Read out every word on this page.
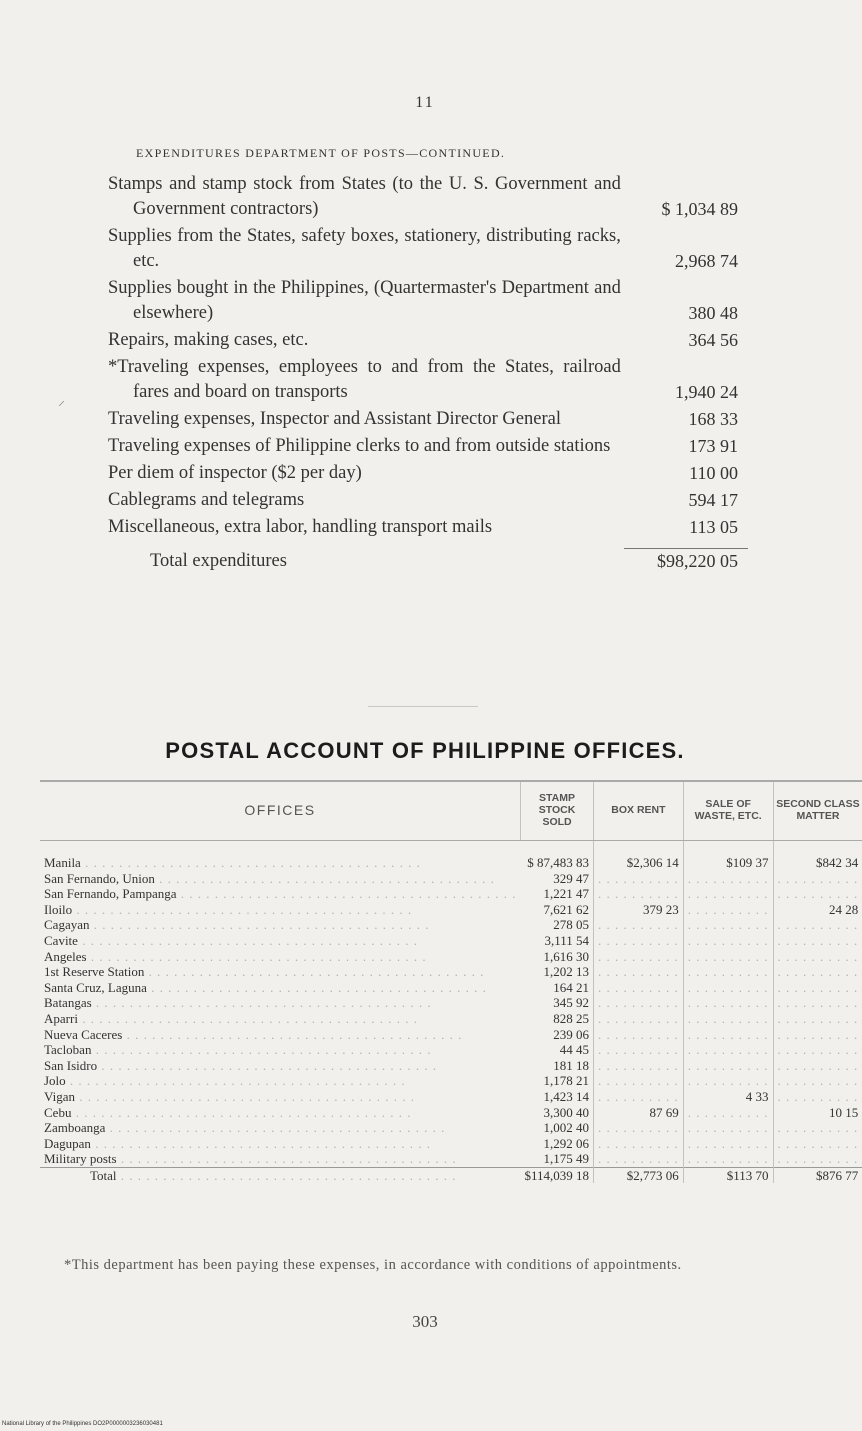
11
EXPENDITURES DEPARTMENT OF POSTS—CONTINUED.
⸝
Stamps and stamp stock from States (to the U. S. Government and Government contractors)	$ 1,034 89
Supplies from the States, safety boxes, stationery, distributing racks, etc.	2,968 74
Supplies bought in the Philippines, (Quartermaster's Department and elsewhere)	380 48
Repairs, making cases, etc.	364 56
*Traveling expenses, employees to and from the States, railroad fares and board on transports	1,940 24
Traveling expenses, Inspector and Assistant Director General	168 33
Traveling expenses of Philippine clerks to and from outside stations	173 91
Per diem of inspector ($2 per day)	110 00
Cablegrams and telegrams	594 17
Miscellaneous, extra labor, handling transport mails	113 05
Total expenditures	$98,220 05
POSTAL ACCOUNT OF PHILIPPINE OFFICES.
OFFICES	STAMP STOCK SOLD	BOX RENT	SALE OF WASTE, ETC.	SECOND CLASS MATTER
Manila . . . . . . . . . . . . . . . . . . . . . . . . . . . . . . . . . . . . . . . .	$ 87,483 83	$2,306 14	$109 37	$842 34
San Fernando, Union . . . . . . . . . . . . . . . . . . . . . . . . . . . . . . . . . . . . . . . .	329 47	. . . . . . . . . .	. . . . . . . . . .	. . . . . . . . . .
San Fernando, Pampanga . . . . . . . . . . . . . . . . . . . . . . . . . . . . . . . . . . . . . . . .	1,221 47	. . . . . . . . . .	. . . . . . . . . .	. . . . . . . . . .
Iloilo . . . . . . . . . . . . . . . . . . . . . . . . . . . . . . . . . . . . . . . .	7,621 62	379 23	. . . . . . . . . .	24 28
Cagayan . . . . . . . . . . . . . . . . . . . . . . . . . . . . . . . . . . . . . . . .	278 05	. . . . . . . . . .	. . . . . . . . . .	. . . . . . . . . .
Cavite . . . . . . . . . . . . . . . . . . . . . . . . . . . . . . . . . . . . . . . .	3,111 54	. . . . . . . . . .	. . . . . . . . . .	. . . . . . . . . .
Angeles . . . . . . . . . . . . . . . . . . . . . . . . . . . . . . . . . . . . . . . .	1,616 30	. . . . . . . . . .	. . . . . . . . . .	. . . . . . . . . .
1st Reserve Station . . . . . . . . . . . . . . . . . . . . . . . . . . . . . . . . . . . . . . . .	1,202 13	. . . . . . . . . .	. . . . . . . . . .	. . . . . . . . . .
Santa Cruz, Laguna . . . . . . . . . . . . . . . . . . . . . . . . . . . . . . . . . . . . . . . .	164 21	. . . . . . . . . .	. . . . . . . . . .	. . . . . . . . . .
Batangas . . . . . . . . . . . . . . . . . . . . . . . . . . . . . . . . . . . . . . . .	345 92	. . . . . . . . . .	. . . . . . . . . .	. . . . . . . . . .
Aparri . . . . . . . . . . . . . . . . . . . . . . . . . . . . . . . . . . . . . . . .	828 25	. . . . . . . . . .	. . . . . . . . . .	. . . . . . . . . .
Nueva Caceres . . . . . . . . . . . . . . . . . . . . . . . . . . . . . . . . . . . . . . . .	239 06	. . . . . . . . . .	. . . . . . . . . .	. . . . . . . . . .
Tacloban . . . . . . . . . . . . . . . . . . . . . . . . . . . . . . . . . . . . . . . .	44 45	. . . . . . . . . .	. . . . . . . . . .	. . . . . . . . . .
San Isidro . . . . . . . . . . . . . . . . . . . . . . . . . . . . . . . . . . . . . . . .	181 18	. . . . . . . . . .	. . . . . . . . . .	. . . . . . . . . .
Jolo . . . . . . . . . . . . . . . . . . . . . . . . . . . . . . . . . . . . . . . .	1,178 21	. . . . . . . . . .	. . . . . . . . . .	. . . . . . . . . .
Vigan . . . . . . . . . . . . . . . . . . . . . . . . . . . . . . . . . . . . . . . .	1,423 14	. . . . . . . . . .	4 33	. . . . . . . . . .
Cebu . . . . . . . . . . . . . . . . . . . . . . . . . . . . . . . . . . . . . . . .	3,300 40	87 69	. . . . . . . . . .	10 15
Zamboanga . . . . . . . . . . . . . . . . . . . . . . . . . . . . . . . . . . . . . . . .	1,002 40	. . . . . . . . . .	. . . . . . . . . .	. . . . . . . . . .
Dagupan . . . . . . . . . . . . . . . . . . . . . . . . . . . . . . . . . . . . . . . .	1,292 06	. . . . . . . . . .	. . . . . . . . . .	. . . . . . . . . .
Military posts . . . . . . . . . . . . . . . . . . . . . . . . . . . . . . . . . . . . . . . .	1,175 49	. . . . . . . . . .	. . . . . . . . . .	. . . . . . . . . .
Total . . . . . . . . . . . . . . . . . . . . . . . . . . . . . . . . . . . . . . . .	$114,039 18	$2,773 06	$113 70	$876 77
*This department has been paying these expenses, in accordance with conditions of appointments.
303
National Library of the Philippines DO2P0000003236030481
